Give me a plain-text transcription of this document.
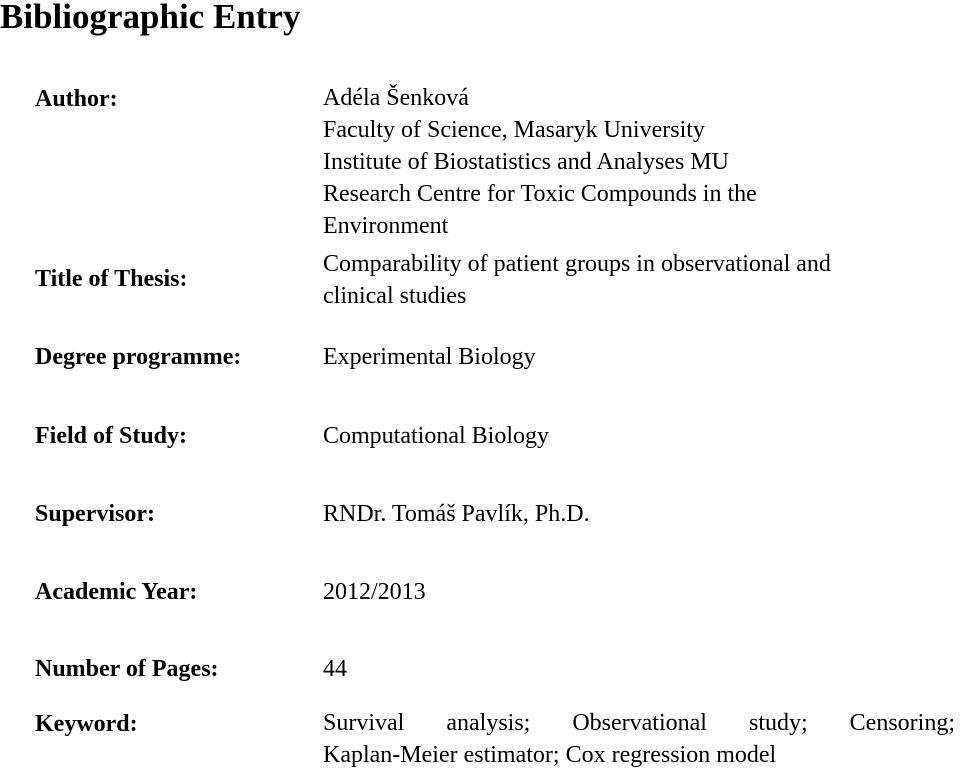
Bibliographic Entry
Author:	Adéla Šenková
Faculty of Science, Masaryk University
Institute of Biostatistics and Analyses MU
Research Centre for Toxic Compounds in the
Environment
Title of Thesis:
Comparability of patient groups in observational and
clinical studies
Degree programme:	Experimental Biology
Field of Study:	Computational Biology
Supervisor:	RNDr. Tomáš Pavlík, Ph.D.
Academic Year:	2012/2013
Number of Pages:	44
Keyword:	Survival analysis; Observational study; Censoring;
Kaplan-Meier estimator; Cox regression model
